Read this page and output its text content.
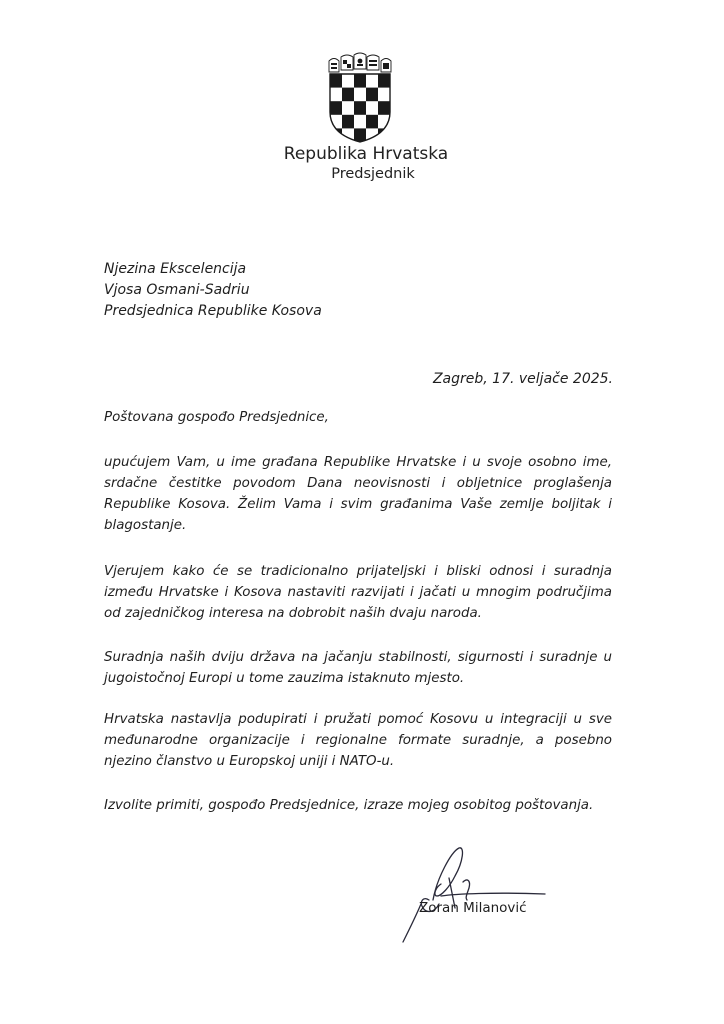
Republika Hrvatska
Predsjednik
Njezina Ekscelencija
Vjosa Osmani-Sadriu
Predsjednica Republike Kosova
Zagreb, 17. veljače 2025.
Poštovana gospođo Predsjednice,
upućujem Vam, u ime građana Republike Hrvatske i u svoje osobno ime, srdačne čestitke povodom Dana neovisnosti i obljetnice proglašenja Republike Kosova. Želim Vama i svim građanima Vaše zemlje boljitak i blagostanje.
Vjerujem kako će se tradicionalno prijateljski i bliski odnosi i suradnja između Hrvatske i Kosova nastaviti razvijati i jačati u mnogim područjima od zajedničkog interesa na dobrobit naših dvaju naroda.
Suradnja naših dviju država na jačanju stabilnosti, sigurnosti i suradnje u jugoistočnoj Europi u tome zauzima istaknuto mjesto.
Hrvatska nastavlja podupirati i pružati pomoć Kosovu u integraciji u sve međunarodne organizacije i regionalne formate suradnje, a posebno njezino članstvo u Europskoj uniji i NATO-u.
Izvolite primiti, gospođo Predsjednice, izraze mojeg osobitog poštovanja.
Zoran Milanović
